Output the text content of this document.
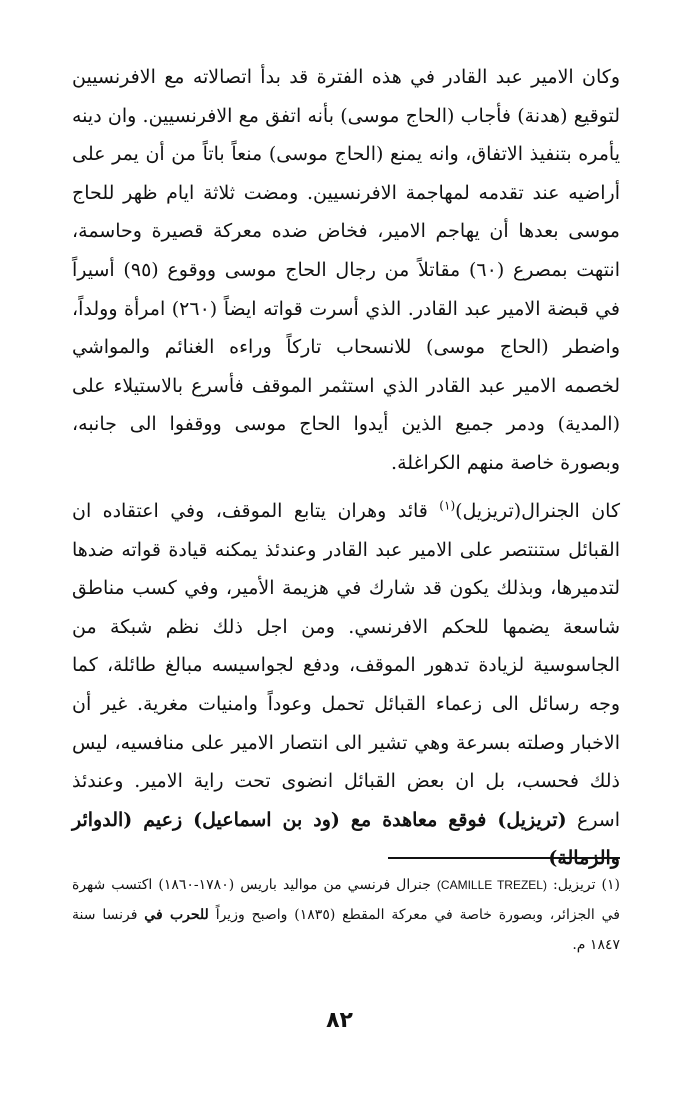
وكان الامير عبد القادر في هذه الفترة قد بدأ اتصالاته مع الافرنسيين لتوقيع (هدنة) فأجاب (الحاج موسى) بأنه اتفق مع الافرنسيين. وان دينه يأمره بتنفيذ الاتفاق، وانه يمنع (الحاج موسى) منعاً باتاً من أن يمر على أراضيه عند تقدمه لمهاجمة الافرنسيين. ومضت ثلاثة ايام ظهر للحاج موسى بعدها أن يهاجم الامير، فخاض ضده معركة قصيرة وحاسمة، انتهت بمصرع (٦٠) مقاتلاً من رجال الحاج موسى ووقوع (٩٥) أسيراً في قبضة الامير عبد القادر. الذي أسرت قواته ايضاً (٢٦٠) امرأة وولداً، واضطر (الحاج موسى) للانسحاب تاركاً وراءه الغنائم والمواشي لخصمه الامير عبد القادر الذي استثمر الموقف فأسرع بالاستيلاء على (المدية) ودمر جميع الذين أيدوا الحاج موسى ووقفوا الى جانبه، وبصورة خاصة منهم الكراغلة.

كان الجنرال(تريزيل)$^{(١)}$ قائد وهران يتابع الموقف، وفي اعتقاده ان القبائل ستنتصر على الامير عبد القادر وعندئذ يمكنه قيادة قواته ضدها لتدميرها، وبذلك يكون قد شارك في هزيمة الأمير، وفي كسب مناطق شاسعة يضمها للحكم الافرنسي. ومن اجل ذلك نظم شبكة من الجاسوسية لزيادة تدهور الموقف، ودفع لجواسيسه مبالغ طائلة، كما وجه رسائل الى زعماء القبائل تحمل وعوداً وامنيات مغرية. غير أن الاخبار وصلته بسرعة وهي تشير الى انتصار الامير على منافسيه، ليس ذلك فحسب، بل ان بعض القبائل انضوى تحت راية الامير. وعندئذ اسرع (تريزيل) فوقع معاهدة مع (ود بن اسماعيل) زعيم (الدوائر والزمالة)

(١) تريزيل: (CAMILLE TREZEL) جنرال فرنسي من مواليد باريس (١٧٨٠-١٨٦٠) اكتسب شهرة في الجزائر، وبصورة خاصة في معركة المقطع (١٨٣٥) واصبح وزيراً للحرب في فرنسا سنة ١٨٤٧ م.

٨٢
